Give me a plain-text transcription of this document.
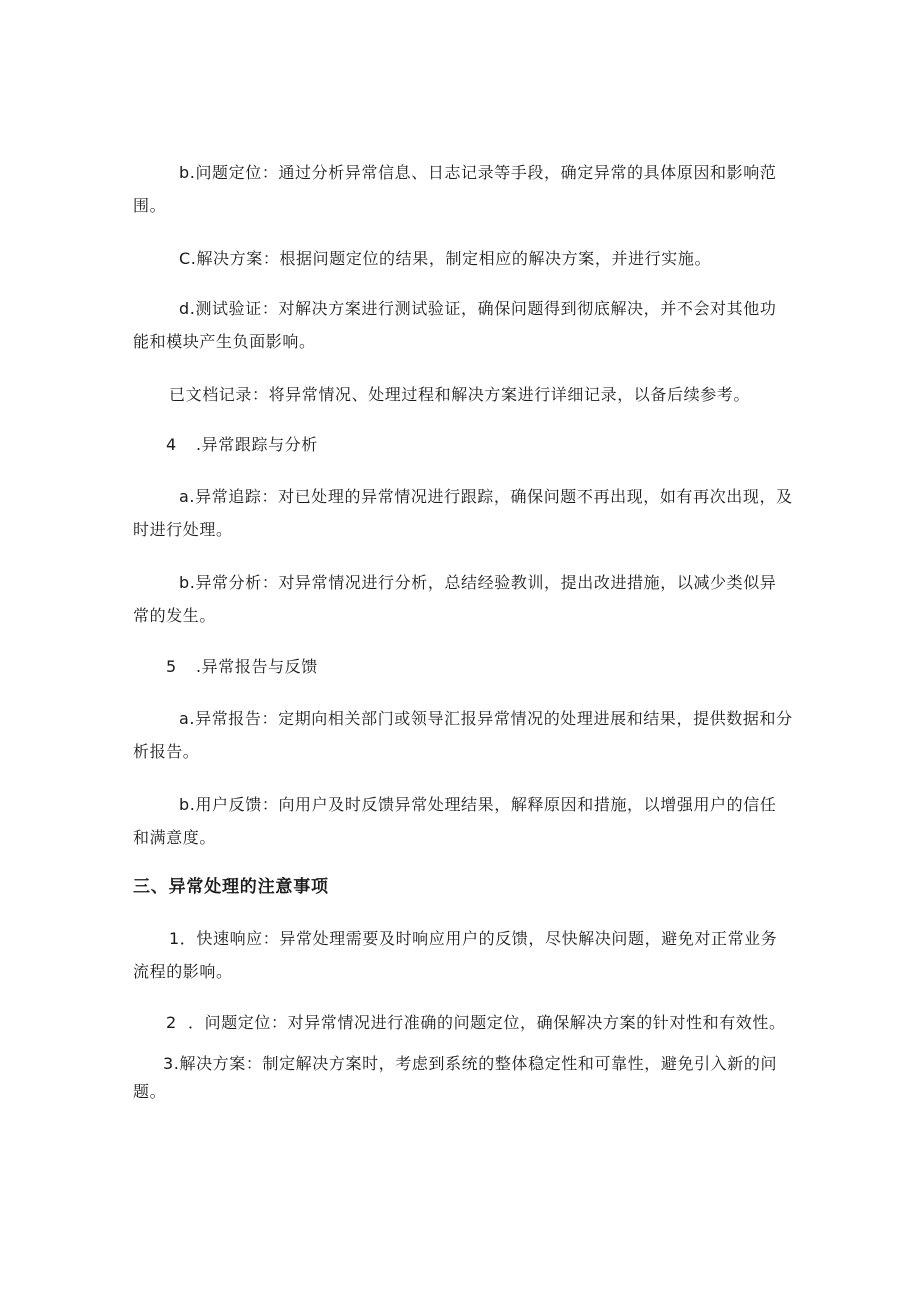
b.问题定位：通过分析异常信息、日志记录等手段，确定异常的具体原因和影响范围。

C.解决方案：根据问题定位的结果，制定相应的解决方案，并进行实施。

d.测试验证：对解决方案进行测试验证，确保问题得到彻底解决，并不会对其他功能和模块产生负面影响。

已文档记录：将异常情况、处理过程和解决方案进行详细记录，以备后续参考。

4 .异常跟踪与分析

a.异常追踪：对已处理的异常情况进行跟踪，确保问题不再出现，如有再次出现，及时进行处理。

b.异常分析：对异常情况进行分析，总结经验教训，提出改进措施，以减少类似异常的发生。

5 .异常报告与反馈

a.异常报告：定期向相关部门或领导汇报异常情况的处理进展和结果，提供数据和分析报告。

b.用户反馈：向用户及时反馈异常处理结果，解释原因和措施，以增强用户的信任和满意度。

三、异常处理的注意事项

1．快速响应：异常处理需要及时响应用户的反馈，尽快解决问题，避免对正常业务流程的影响。

2 ．问题定位：对异常情况进行准确的问题定位，确保解决方案的针对性和有效性。

3.解决方案：制定解决方案时，考虑到系统的整体稳定性和可靠性，避免引入新的问题。
